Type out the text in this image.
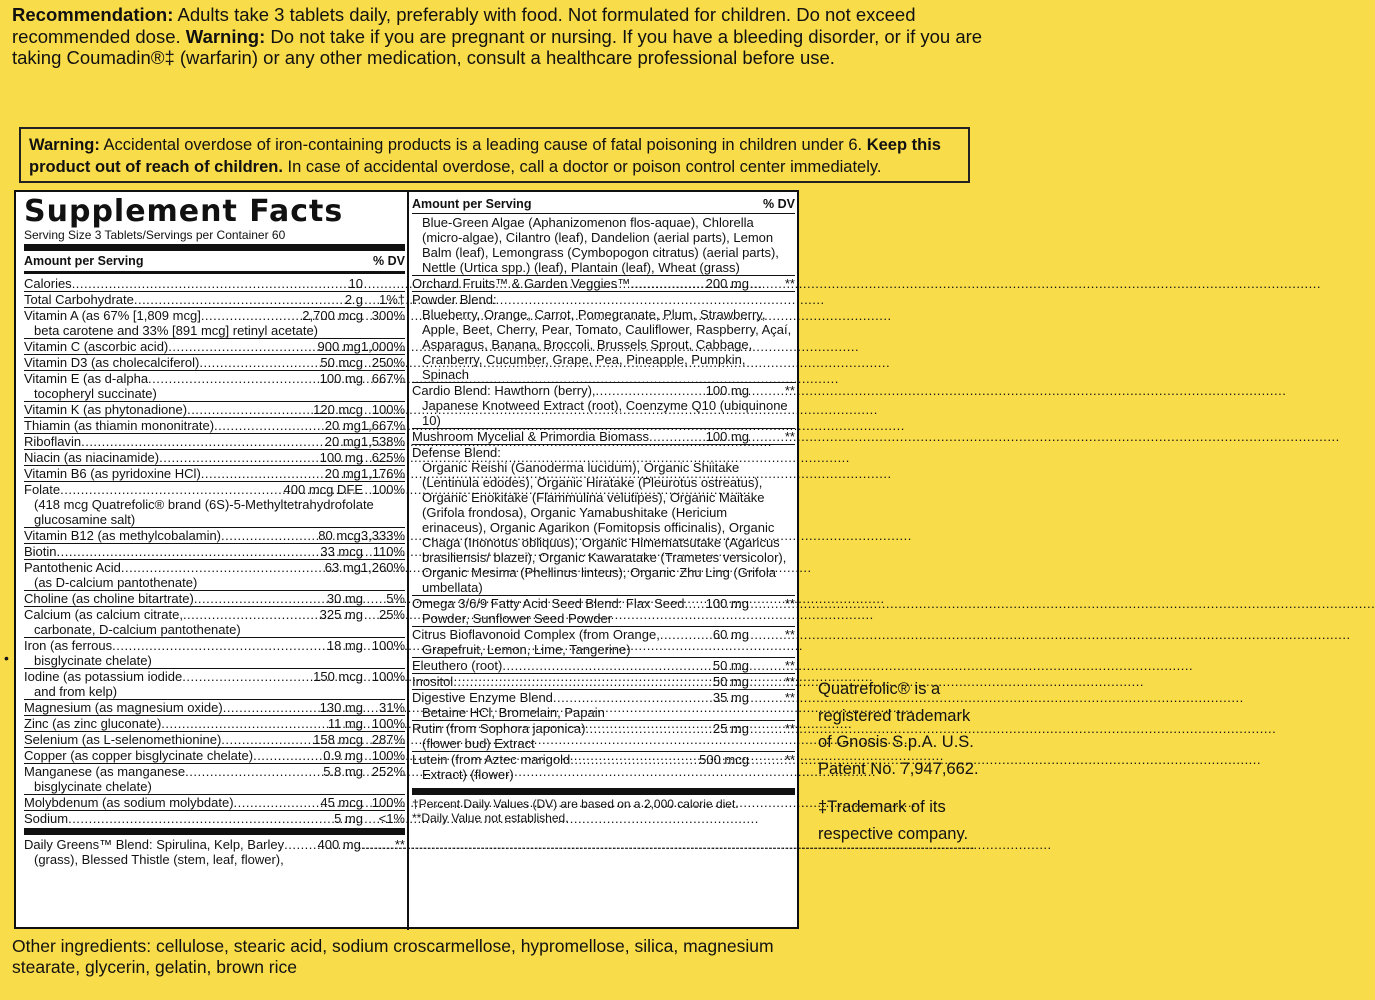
Recommendation: Adults take 3 tablets daily, preferably with food. Not formulated for children. Do not exceed recommended dose. Warning: Do not take if you are pregnant or nursing. If you have a bleeding disorder, or if you are taking Coumadin®‡ (warfarin) or any other medication, consult a healthcare professional before use.
Warning: Accidental overdose of iron-containing products is a leading cause of fatal poisoning in children under 6. Keep this product out of reach of children. In case of accidental overdose, call a doctor or poison control center immediately.
•
Supplement Facts
Serving Size 3 Tablets/Servings per Container 60
Amount per Serving	% DV
Calories .....	10
Total Carbohydrate .....	2 g	1%†
Vitamin A (as 67% [1,809 mcg] .....	2,700 mcg 300%
beta carotene and 33% [891 mcg] retinyl acetate)
Vitamin C (ascorbic acid) .....	900 mg 1,000%
Vitamin D3 (as cholecalciferol) .....	50 mcg 250%
Vitamin E (as d-alpha .....	100 mg 667%
tocopheryl succinate)
Vitamin K (as phytonadione) .....	120 mcg 100%
Thiamin (as thiamin mononitrate) .....	20 mg 1,667%
Riboflavin .....	20 mg 1,538%
Niacin (as niacinamide) .....	100 mg 625%
Vitamin B6 (as pyridoxine HCl) .....	20 mg 1,176%
Folate .....	400 mcg DFE 100%
(418 mcg Quatrefolic® brand (6S)-5-Methyltetrahydrofolate glucosamine salt)
Vitamin B12 (as methylcobalamin) .....	80 mcg 3,333%
Biotin .....	33 mcg 110%
Pantothenic Acid .....	63 mg 1,260%
(as D-calcium pantothenate)
Choline (as choline bitartrate) .....	30 mg	5%
Calcium (as calcium citrate, .....	325 mg	25%
carbonate, D-calcium pantothenate)
Iron (as ferrous .....	18 mg 100%
bisglycinate chelate)
Iodine (as potassium iodide .....	150 mcg 100%
and from kelp)
Magnesium (as magnesium oxide) .....	130 mg	31%
Zinc (as zinc gluconate) .....	11 mg 100%
Selenium (as L-selenomethionine) .....	158 mcg 287%
Copper (as copper bisglycinate chelate) .....	0.9 mg 100%
Manganese (as manganese .....	5.8 mg 252%
bisglycinate chelate)
Molybdenum (as sodium molybdate) .....	45 mcg 100%
Sodium .....	5 mg	<1%
Daily Greens™ Blend: Spirulina, Kelp, Barley .....	400 mg .....	**
(grass), Blessed Thistle (stem, leaf, flower),
Amount per Serving	% DV
Blue-Green Algae (Aphanizomenon flos-aquae), Chlorella (micro-algae), Cilantro (leaf), Dandelion (aerial parts), Lemon Balm (leaf), Lemongrass (Cymbopogon citratus) (aerial parts), Nettle (Urtica spp.) (leaf), Plantain (leaf), Wheat (grass)
Orchard Fruits™ & Garden Veggies™ .....	200 mg	**
Powder Blend:
Blueberry, Orange, Carrot, Pomegranate, Plum, Strawberry, Apple, Beet, Cherry, Pear, Tomato, Cauliflower, Raspberry, Açaí, Asparagus, Banana, Broccoli, Brussels Sprout, Cabbage, Cranberry, Cucumber, Grape, Pea, Pineapple, Pumpkin, Spinach
Cardio Blend: Hawthorn (berry), .....	100 mg	**
Japanese Knotweed Extract (root), Coenzyme Q10 (ubiquinone 10)
Mushroom Mycelial & Primordia Biomass .....	100 mg	**
Defense Blend:
Organic Reishi (Ganoderma lucidum), Organic Shiitake (Lentinula edodes), Organic Hiratake (Pleurotus ostreatus), Organic Enokitake (Flammulina velutipes), Organic Maitake (Grifola frondosa), Organic Yamabushitake (Hericium erinaceus), Organic Agarikon (Fomitopsis officinalis), Organic Chaga (Inonotus obliquus), Organic Himematsutake (Agaricus brasiliensis/ blazei), Organic Kawaratake (Trametes versicolor), Organic Mesima (Phellinus linteus), Organic Zhu Ling (Grifola umbellata)
Omega 3/6/9 Fatty Acid Seed Blend: Flax Seed ..... 100 mg	**
Powder, Sunflower Seed Powder
Citrus Bioflavonoid Complex (from Orange, .....	60 mg	**
Grapefruit, Lemon, Lime, Tangerine)
Eleuthero (root) .....	50 mg	**
Inositol .....	50 mg	**
Digestive Enzyme Blend .....	35 mg	**
Betaine HCl, Bromelain, Papain
Rutin (from Sophora japonica) .....	25 mg	**
(flower bud) Extract
Lutein (from Aztec marigold .....	500 mcg	**
Extract) (flower)
†Percent Daily Values (DV) are based on a 2,000 calorie diet.
**Daily Value not established.
Other ingredients: cellulose, stearic acid, sodium croscarmellose, hypromellose, silica, magnesium stearate, glycerin, gelatin, brown rice
Quatrefolic® is a registered trademark of Gnosis S.p.A. U.S. Patent No. 7,947,662.
‡Trademark of its respective company.
